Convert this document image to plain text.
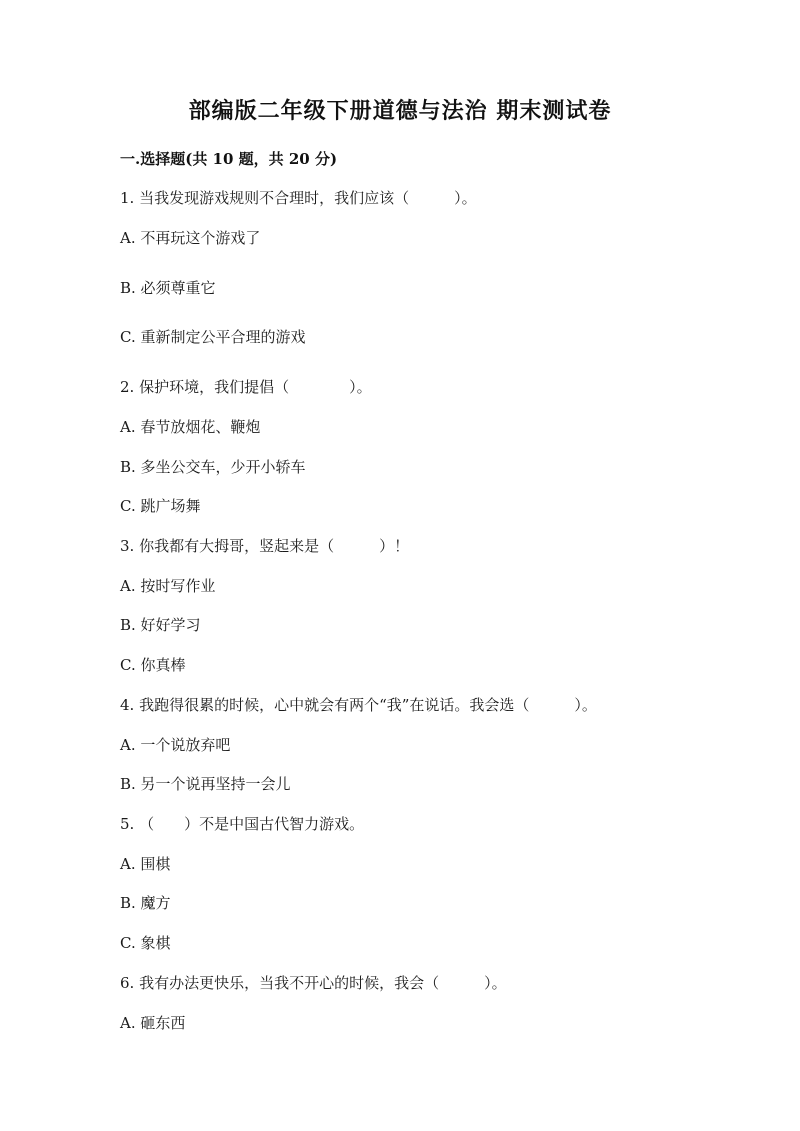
部编版二年级下册道德与法治 期末测试卷
一.选择题(共 10 题，共 20 分)
1. 当我发现游戏规则不合理时，我们应该（　　　）。
A. 不再玩这个游戏了
B. 必须尊重它
C. 重新制定公平合理的游戏
2. 保护环境，我们提倡（　　　　）。
A. 春节放烟花、鞭炮
B. 多坐公交车，少开小轿车
C. 跳广场舞
3. 你我都有大拇哥，竖起来是（　　　）！
A. 按时写作业
B. 好好学习
C. 你真棒
4. 我跑得很累的时候，心中就会有两个“我”在说话。我会选（　　　）。
A. 一个说放弃吧
B. 另一个说再坚持一会儿
5. （　　）不是中国古代智力游戏。
A. 围棋
B. 魔方
C. 象棋
6. 我有办法更快乐，当我不开心的时候，我会（　　　）。
A. 砸东西
